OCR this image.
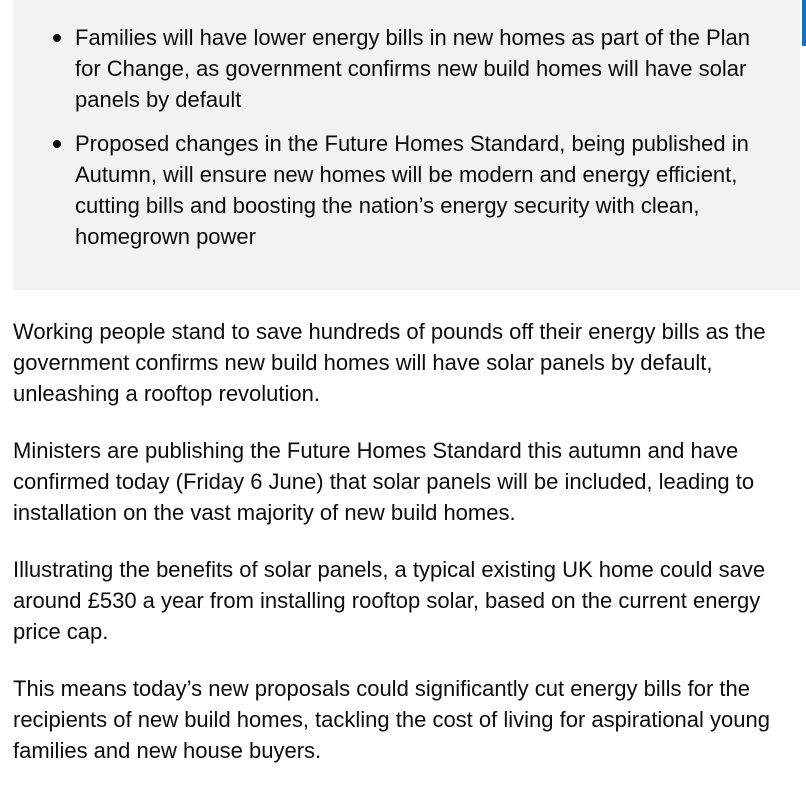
Families will have lower energy bills in new homes as part of the Plan for Change, as government confirms new build homes will have solar panels by default
Proposed changes in the Future Homes Standard, being published in Autumn, will ensure new homes will be modern and energy efficient, cutting bills and boosting the nation’s energy security with clean, homegrown power

Working people stand to save hundreds of pounds off their energy bills as the government confirms new build homes will have solar panels by default, unleashing a rooftop revolution.

Ministers are publishing the Future Homes Standard this autumn and have confirmed today (Friday 6 June) that solar panels will be included, leading to installation on the vast majority of new build homes.

Illustrating the benefits of solar panels, a typical existing UK home could save around £530 a year from installing rooftop solar, based on the current energy price cap.

This means today’s new proposals could significantly cut energy bills for the recipients of new build homes, tackling the cost of living for aspirational young families and new house buyers.
